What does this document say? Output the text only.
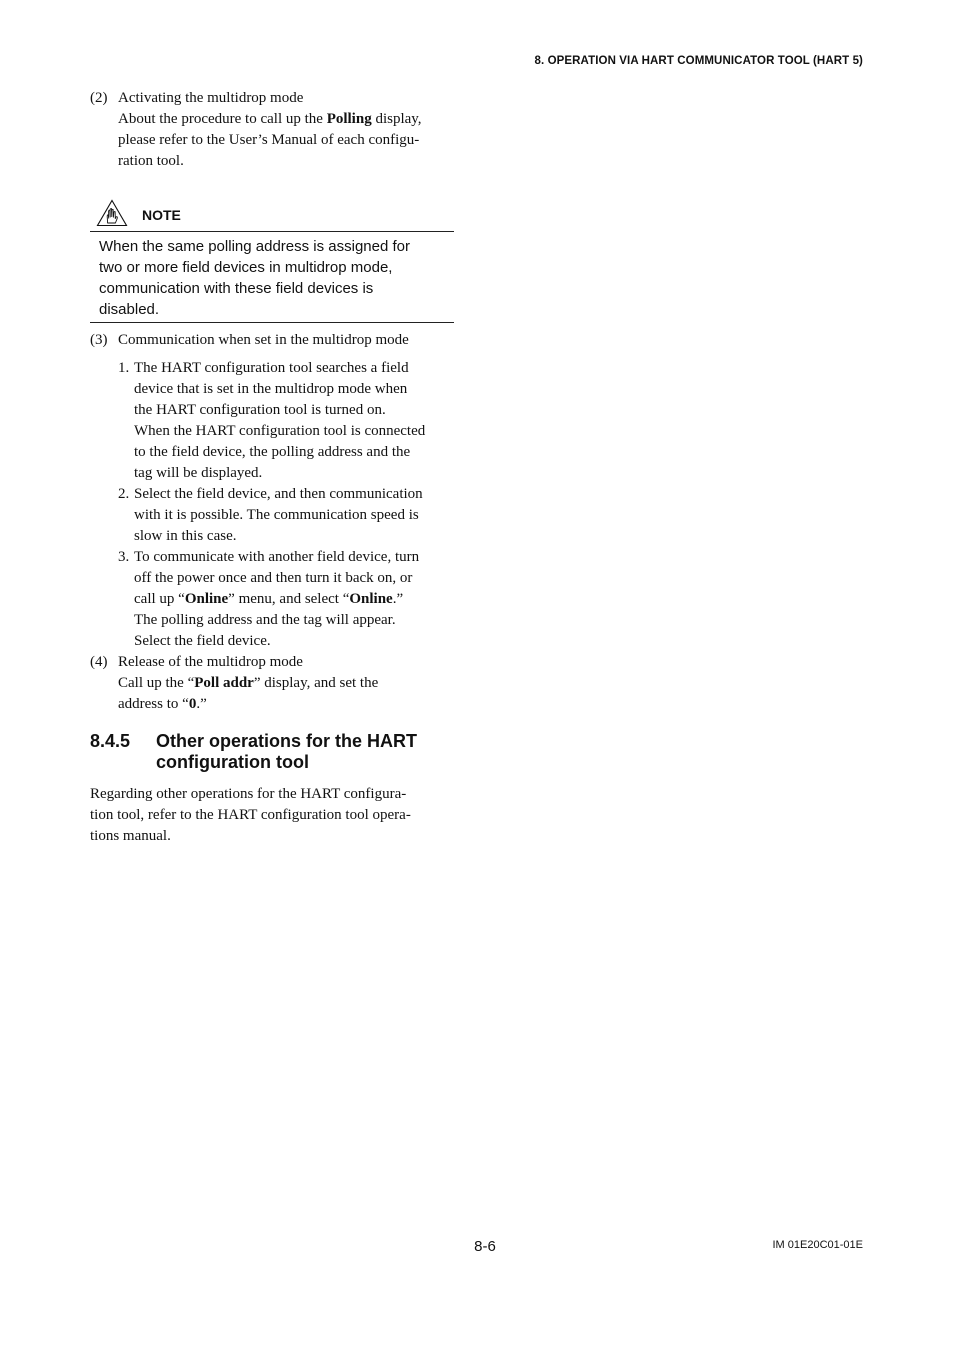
8. OPERATION VIA HART COMMUNICATOR TOOL (HART 5)
(2) Activating the multidrop mode
About the procedure to call up the Polling display,
please refer to the User’s Manual of each configu-
ration tool.
NOTE
When the same polling address is assigned for
two or more field devices in multidrop mode,
communication with these field devices is
disabled.
(3) Communication when set in the multidrop mode
1. The HART configuration tool searches a field
device that is set in the multidrop mode when
the HART configuration tool is turned on.
When the HART configuration tool is connected
to the field device, the polling address and the
tag will be displayed.
2. Select the field device, and then communication
with it is possible. The communication speed is
slow in this case.
3. To communicate with another field device, turn
off the power once and then turn it back on, or
call up “Online” menu, and select “Online.”
The polling address and the tag will appear.
Select the field device.
(4) Release of the multidrop mode
Call up the “Poll addr” display, and set the
address to “0.”
8.4.5 Other operations for the HART
configuration tool
Regarding other operations for the HART configura-
tion tool, refer to the HART configuration tool opera-
tions manual.
8-6	IM 01E20C01-01E
